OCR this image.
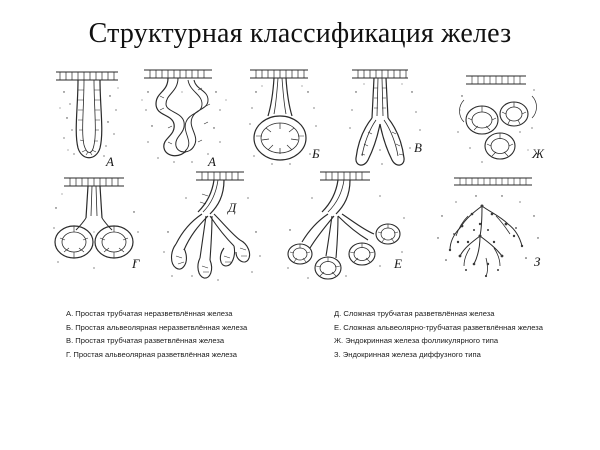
Структурная классификация желез
А	А
Б	В	Ж
Г
Д
Е	З
А. Простая трубчатая неразветвлённая железа
Б. Простая альвеолярная неразветвлённая железа
В. Простая трубчатая разветвлённая железа
Г. Простая альвеолярная разветвлённая железа
Д. Сложная трубчатая разветвлённая железа
Е. Сложная альвеолярно-трубчатая разветвлённая железа
Ж. Эндокринная железа фолликулярного типа
З. Эндокринная железа диффузного типа
